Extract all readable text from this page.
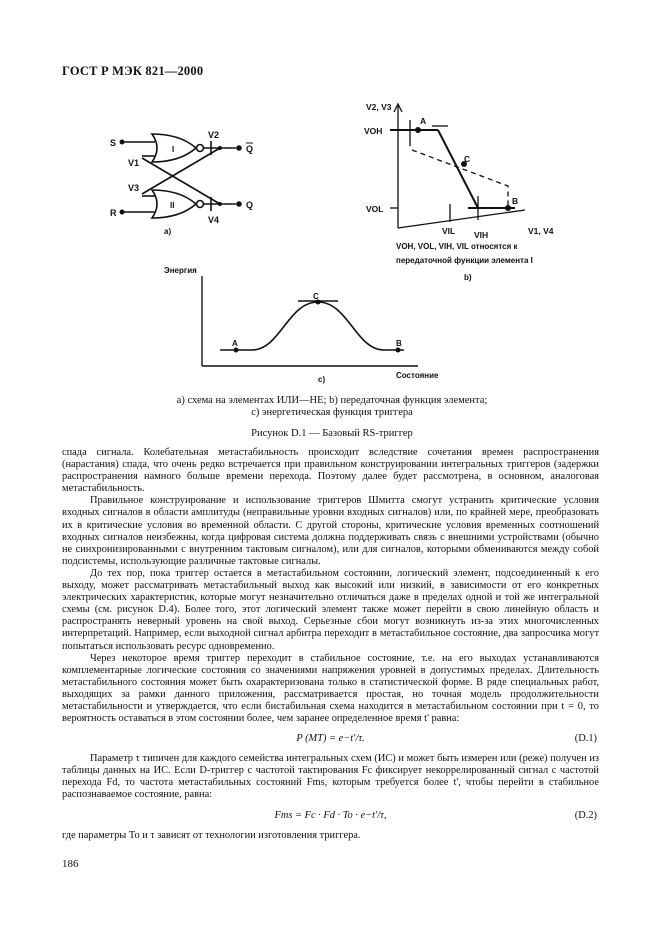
ГОСТ Р МЭК 821—2000
S
R
V1
V2
V3
V4
I
II
Q
Q
a)
V2, V3
VOH
VOL
A
C
B
VIL VIH	V1, V4
VOH, VOL, VIH, VIL относятся к
передаточной функции элемента I
b)
Энергия
A
C
B
Состояние
c)
a) схема на элементах ИЛИ—НЕ; b) передаточная функция элемента;
c) энергетическая функция триггера
Рисунок D.1 — Базовый RS-триггер

спада сигнала. Колебательная метастабильность происходит вследствие сочетания времен распространения (нарастания) спада, что очень редко встречается при правильном конструировании интегральных триггеров (задержки распространения намного больше времени перехода. Поэтому далее будет рассмотрена, в основном, аналоговая метастабильность.

Правильное конструирование и использование триггеров Шмитта смогут устранить критические условия входных сигналов в области амплитуды (неправильные уровни входных сигналов) или, по крайней мере, преобразовать их в критические условия во временной области. С другой стороны, критические условия временных соотношений входных сигналов неизбежны, когда цифровая система должна поддерживать связь с внешними устройствами (обычно не синхронизированными с внутренним тактовым сигналом), или для сигналов, которыми обмениваются между собой подсистемы, использующие различные тактовые сигналы.

До тех пор, пока триггер остается в метастабильном состоянии, логический элемент, подсоединенный к его выходу, может рассматривать метастабильный выход как высокий или низкий, в зависимости от его конкретных электрических характеристик, которые могут незначительно отличаться даже в пределах одной и той же интегральной схемы (см. рисунок D.4). Более того, этот логический элемент также может перейти в свою линейную область и распространять неверный уровень на свой выход. Серьезные сбои могут возникнуть из-за этих многочисленных интерпретаций. Например, если выходной сигнал арбитра переходит в метастабильное состояние, два запросчика могут попытаться использовать ресурс одновременно.

Через некоторое время триггер переходит в стабильное состояние, т.е. на его выходах устанавливаются комплементарные логические состояния со значениями напряжения уровней в допустимых пределах. Длительность метастабильного состояния может быть охарактеризована только в статистической форме. В ряде специальных работ, выходящих за рамки данного приложения, рассматривается простая, но точная модель продолжительности метастабильности и утверждается, что если бистабильная схема находится в метастабильном состоянии при t = 0, то вероятность оставаться в этом состоянии более, чем заранее определенное время t' равна:

P (MT) = e−t′/τ.	(D.1)

Параметр τ типичен для каждого семейства интегральных схем (ИС) и может быть измерен или (реже) получен из таблицы данных на ИС. Если D-триггер с частотой тактирования Fc фиксирует некоррелированный сигнал с частотой перехода Fd, то частота метастабильных состояний Fms, которым требуется более t', чтобы перейти в стабильное распознаваемое состояние, равна:

Fms = Fc · Fd · To · e−t′/τ,	(D.2)

где параметры To и τ зависят от технологии изготовления триггера.

186
